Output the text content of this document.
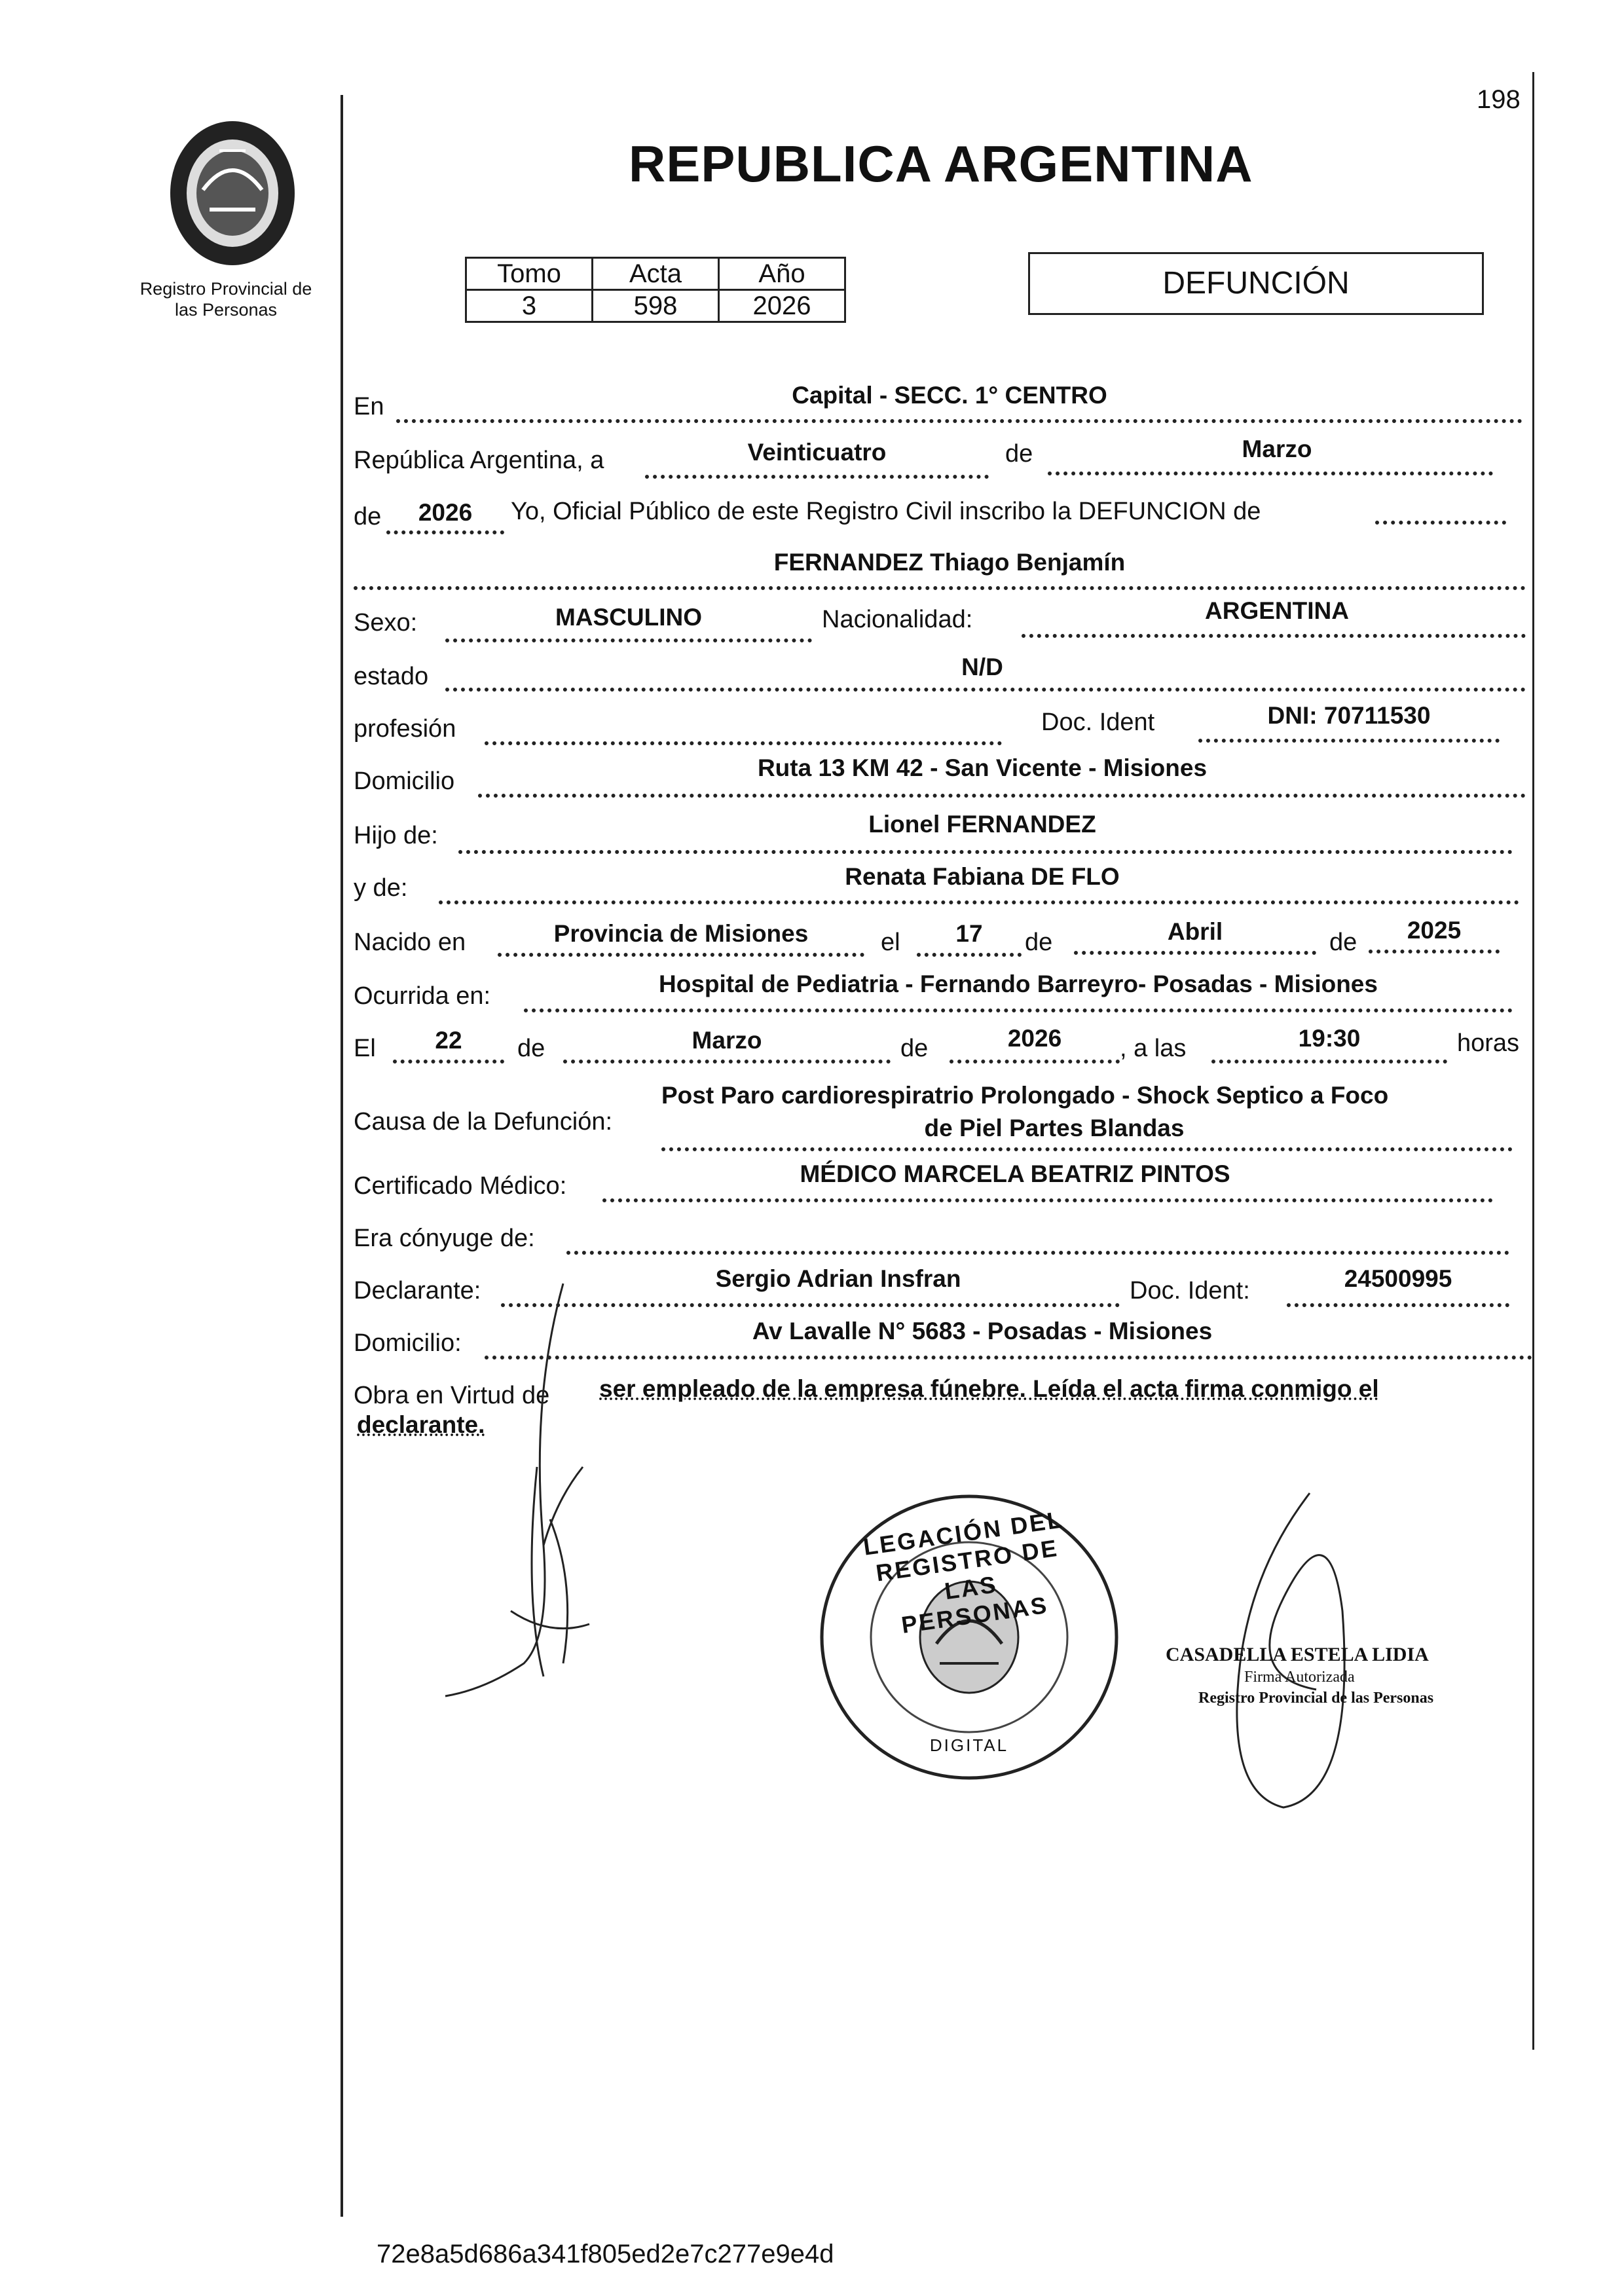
198
REPUBLICA ARGENTINA
Registro Provincial de
las Personas
Tomo	Acta	Año
3	598	2026
DEFUNCIÓN
En	Capital - SECC. 1° CENTRO
República Argentina, a	Veinticuatro	de	Marzo
de	2026	Yo, Oficial Público de este Registro Civil inscribo la DEFUNCION de
FERNANDEZ Thiago Benjamín
Sexo:	MASCULINO	Nacionalidad:	ARGENTINA
estado	N/D
profesión	Doc. Ident	DNI: 70711530
Domicilio	Ruta 13 KM 42 - San Vicente - Misiones
Hijo de:	Lionel FERNANDEZ
y de:	Renata Fabiana DE FLO
Nacido en	Provincia de Misiones	el	17	de	Abril	de	2025
Ocurrida en:	Hospital de Pediatria - Fernando Barreyro- Posadas - Misiones
El	22	de	Marzo	de	2026	, a las	19:30	horas
Causa de la Defunción:
Post Paro cardiorespiratrio Prolongado - Shock Septico a Foco
de Piel Partes Blandas
Certificado Médico:	MÉDICO MARCELA BEATRIZ PINTOS
Era cónyuge de:
Declarante:	Sergio Adrian Insfran	Doc. Ident:	24500995
Domicilio:	Av Lavalle N° 5683 - Posadas - Misiones
Obra en Virtud de ser empleado de la empresa fúnebre. Leída el acta firma conmigo el
declarante.
LEGACIÓN DEL REGISTRO DE LAS PERSONAS
DIGITAL
CASADELLA ESTELA LIDIA
Firma Autorizada
Registro Provincial de las Personas
72e8a5d686a341f805ed2e7c277e9e4d
